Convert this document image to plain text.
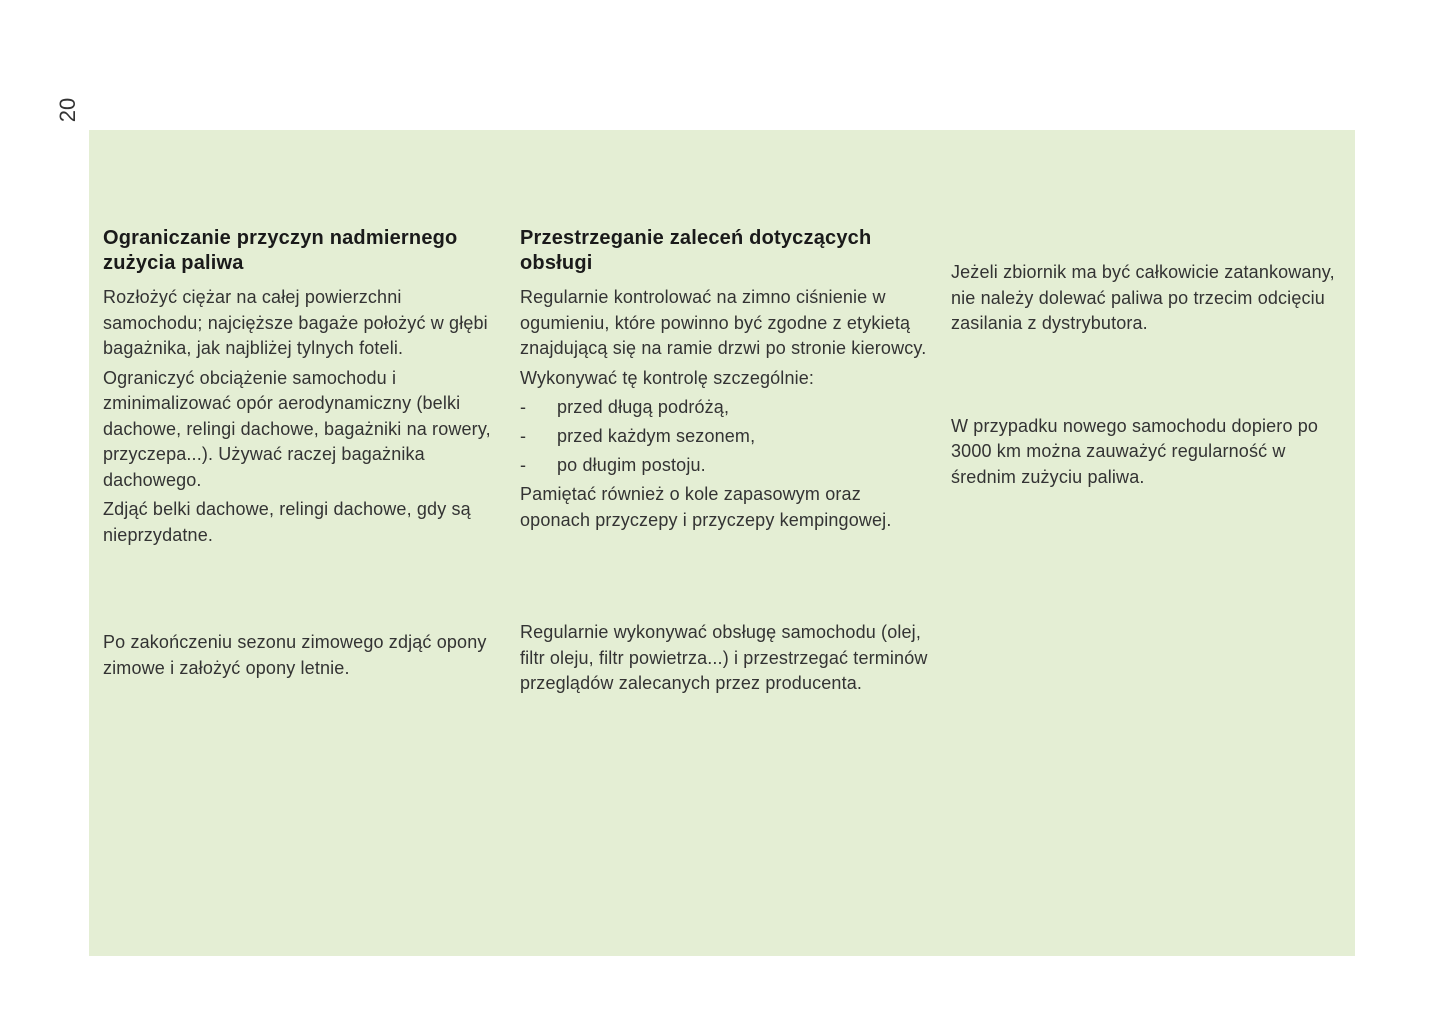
20
Ograniczanie przyczyn nadmiernego zużycia paliwa

Rozłożyć ciężar na całej powierzchni samochodu; najcięższe bagaże położyć w głębi bagażnika, jak najbliżej tylnych foteli.

Ograniczyć obciążenie samochodu i zminimalizować opór aerodynamiczny (belki dachowe, relingi dachowe, bagażniki na rowery, przyczepa...). Używać raczej bagażnika dachowego.

Zdjąć belki dachowe, relingi dachowe, gdy są nieprzydatne.

Po zakończeniu sezonu zimowego zdjąć opony zimowe i założyć opony letnie.

Przestrzeganie zaleceń dotyczących obsługi

Regularnie kontrolować na zimno ciśnienie w ogumieniu, które powinno być zgodne z etykietą znajdującą się na ramie drzwi po stronie kierowcy.

Wykonywać tę kontrolę szczególnie:

-	przed długą podróżą,
-	przed każdym sezonem,
-	po długim postoju.

Pamiętać również o kole zapasowym oraz oponach przyczepy i przyczepy kempingowej.

Regularnie wykonywać obsługę samochodu (olej, filtr oleju, filtr powietrza...) i przestrzegać terminów przeglądów zalecanych przez producenta.

Jeżeli zbiornik ma być całkowicie zatankowany, nie należy dolewać paliwa po trzecim odcięciu zasilania z dystrybutora.

W przypadku nowego samochodu dopiero po 3000 km można zauważyć regularność w średnim zużyciu paliwa.
